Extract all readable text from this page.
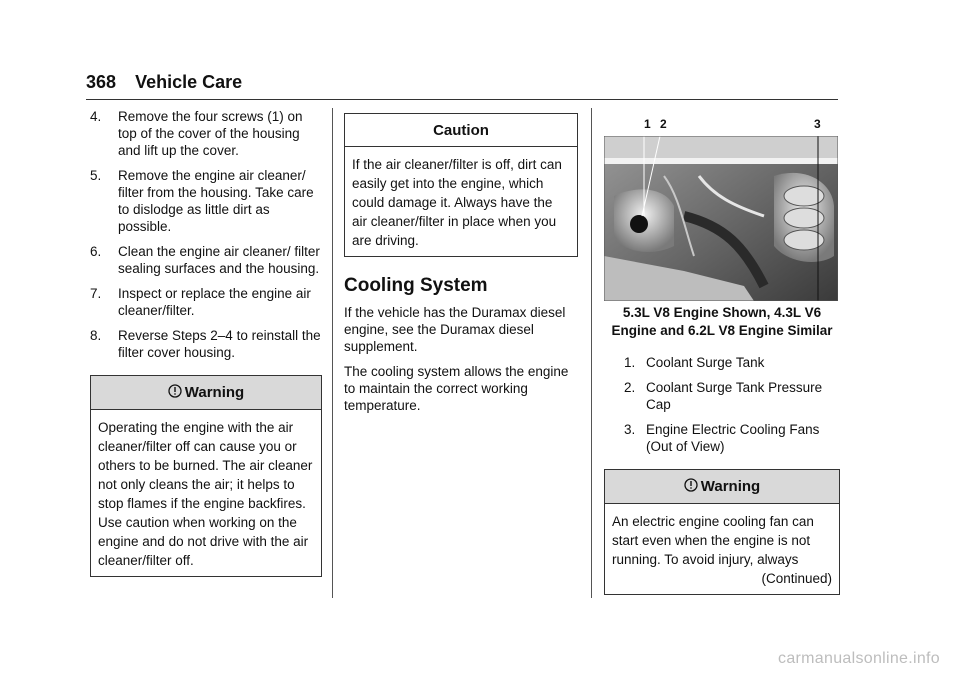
368 Vehicle Care
4. Remove the four screws (1) on top of the cover of the housing and lift up the cover.
5. Remove the engine air cleaner/ filter from the housing. Take care to dislodge as little dirt as possible.
6. Clean the engine air cleaner/ filter sealing surfaces and the housing.
7. Inspect or replace the engine air cleaner/filter.
8. Reverse Steps 2–4 to reinstall the filter cover housing.
Warning
Operating the engine with the air cleaner/filter off can cause you or others to be burned. The air cleaner not only cleans the air; it helps to stop flames if the engine backfires. Use caution when working on the engine and do not drive with the air cleaner/filter off.
Caution
If the air cleaner/filter is off, dirt can easily get into the engine, which could damage it. Always have the air cleaner/filter in place when you are driving.
Cooling System

If the vehicle has the Duramax diesel engine, see the Duramax diesel supplement.

The cooling system allows the engine to maintain the correct working temperature.

1 2	3
5.3L V8 Engine Shown, 4.3L V6 Engine and 6.2L V8 Engine Similar
1. Coolant Surge Tank
2. Coolant Surge Tank Pressure Cap
3. Engine Electric Cooling Fans (Out of View)
Warning
An electric engine cooling fan can start even when the engine is not running. To avoid injury, always
(Continued)
carmanualsonline.info
